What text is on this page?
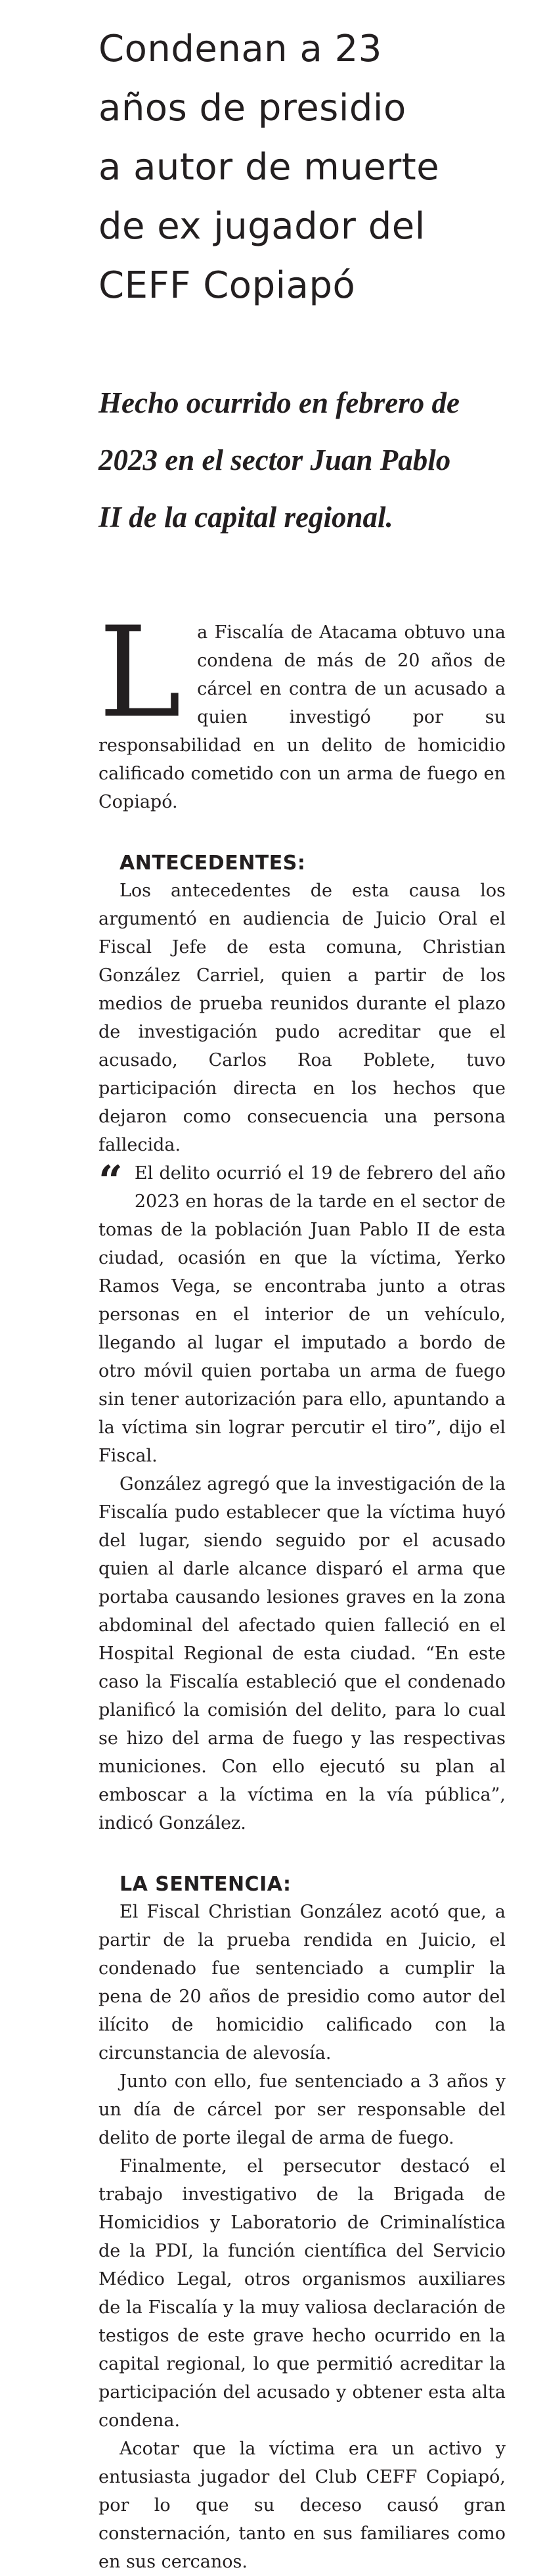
Condenan a 23
años de presidio
a autor de muerte
de ex jugador del
CEFF Copiapó
Hecho ocurrido en febrero de
2023 en el sector Juan Pablo
II de la capital regional.

L a Fiscalía de Atacama obtuvo una condena de más de 20 años de cárcel en contra de un acusado a quien investigó por su responsabilidad en un delito de homicidio calificado cometido con un arma de fuego en Copiapó.

ANTECEDENTES:

Los antecedentes de esta causa los argumentó en audiencia de Juicio Oral el Fiscal Jefe de esta comuna, Christian González Carriel, quien a partir de los medios de prueba reunidos durante el plazo de investigación pudo acreditar que el acusado, Carlos Roa Poblete, tuvo participación directa en los hechos que dejaron como consecuencia una persona fallecida.

“ El delito ocurrió el 19 de febrero del año 2023 en horas de la tarde en el sector de tomas de la población Juan Pablo II de esta ciudad, ocasión en que la víctima, Yerko Ramos Vega, se encontraba junto a otras personas en el interior de un vehículo, llegando al lugar el imputado a bordo de otro móvil quien portaba un arma de fuego sin tener autorización para ello, apuntando a la víctima sin lograr percutir el tiro”, dijo el Fiscal.

González agregó que la investigación de la Fiscalía pudo establecer que la víctima huyó del lugar, siendo seguido por el acusado quien al darle alcance disparó el arma que portaba causando lesiones graves en la zona abdominal del afectado quien falleció en el Hospital Regional de esta ciudad. “En este caso la Fiscalía estableció que el condenado planificó la comisión del delito, para lo cual se hizo del arma de fuego y las respectivas municiones. Con ello ejecutó su plan al emboscar a la víctima en la vía pública”, indicó González.

LA SENTENCIA:

El Fiscal Christian González acotó que, a partir de la prueba rendida en Juicio, el condenado fue sentenciado a cumplir la pena de 20 años de presidio como autor del ilícito de homicidio calificado con la circunstancia de alevosía.

Junto con ello, fue sentenciado a 3 años y un día de cárcel por ser responsable del delito de porte ilegal de arma de fuego.

Finalmente, el persecutor destacó el trabajo investigativo de la Brigada de Homicidios y Laboratorio de Criminalística de la PDI, la función científica del Servicio Médico Legal, otros organismos auxiliares de la Fiscalía y la muy valiosa declaración de testigos de este grave hecho ocurrido en la capital regional, lo que permitió acreditar la participación del acusado y obtener esta alta condena.

Acotar que la víctima era un activo y entusiasta jugador del Club CEFF Copiapó, por lo que su deceso causó gran consternación, tanto en sus familiares como en sus cercanos.
